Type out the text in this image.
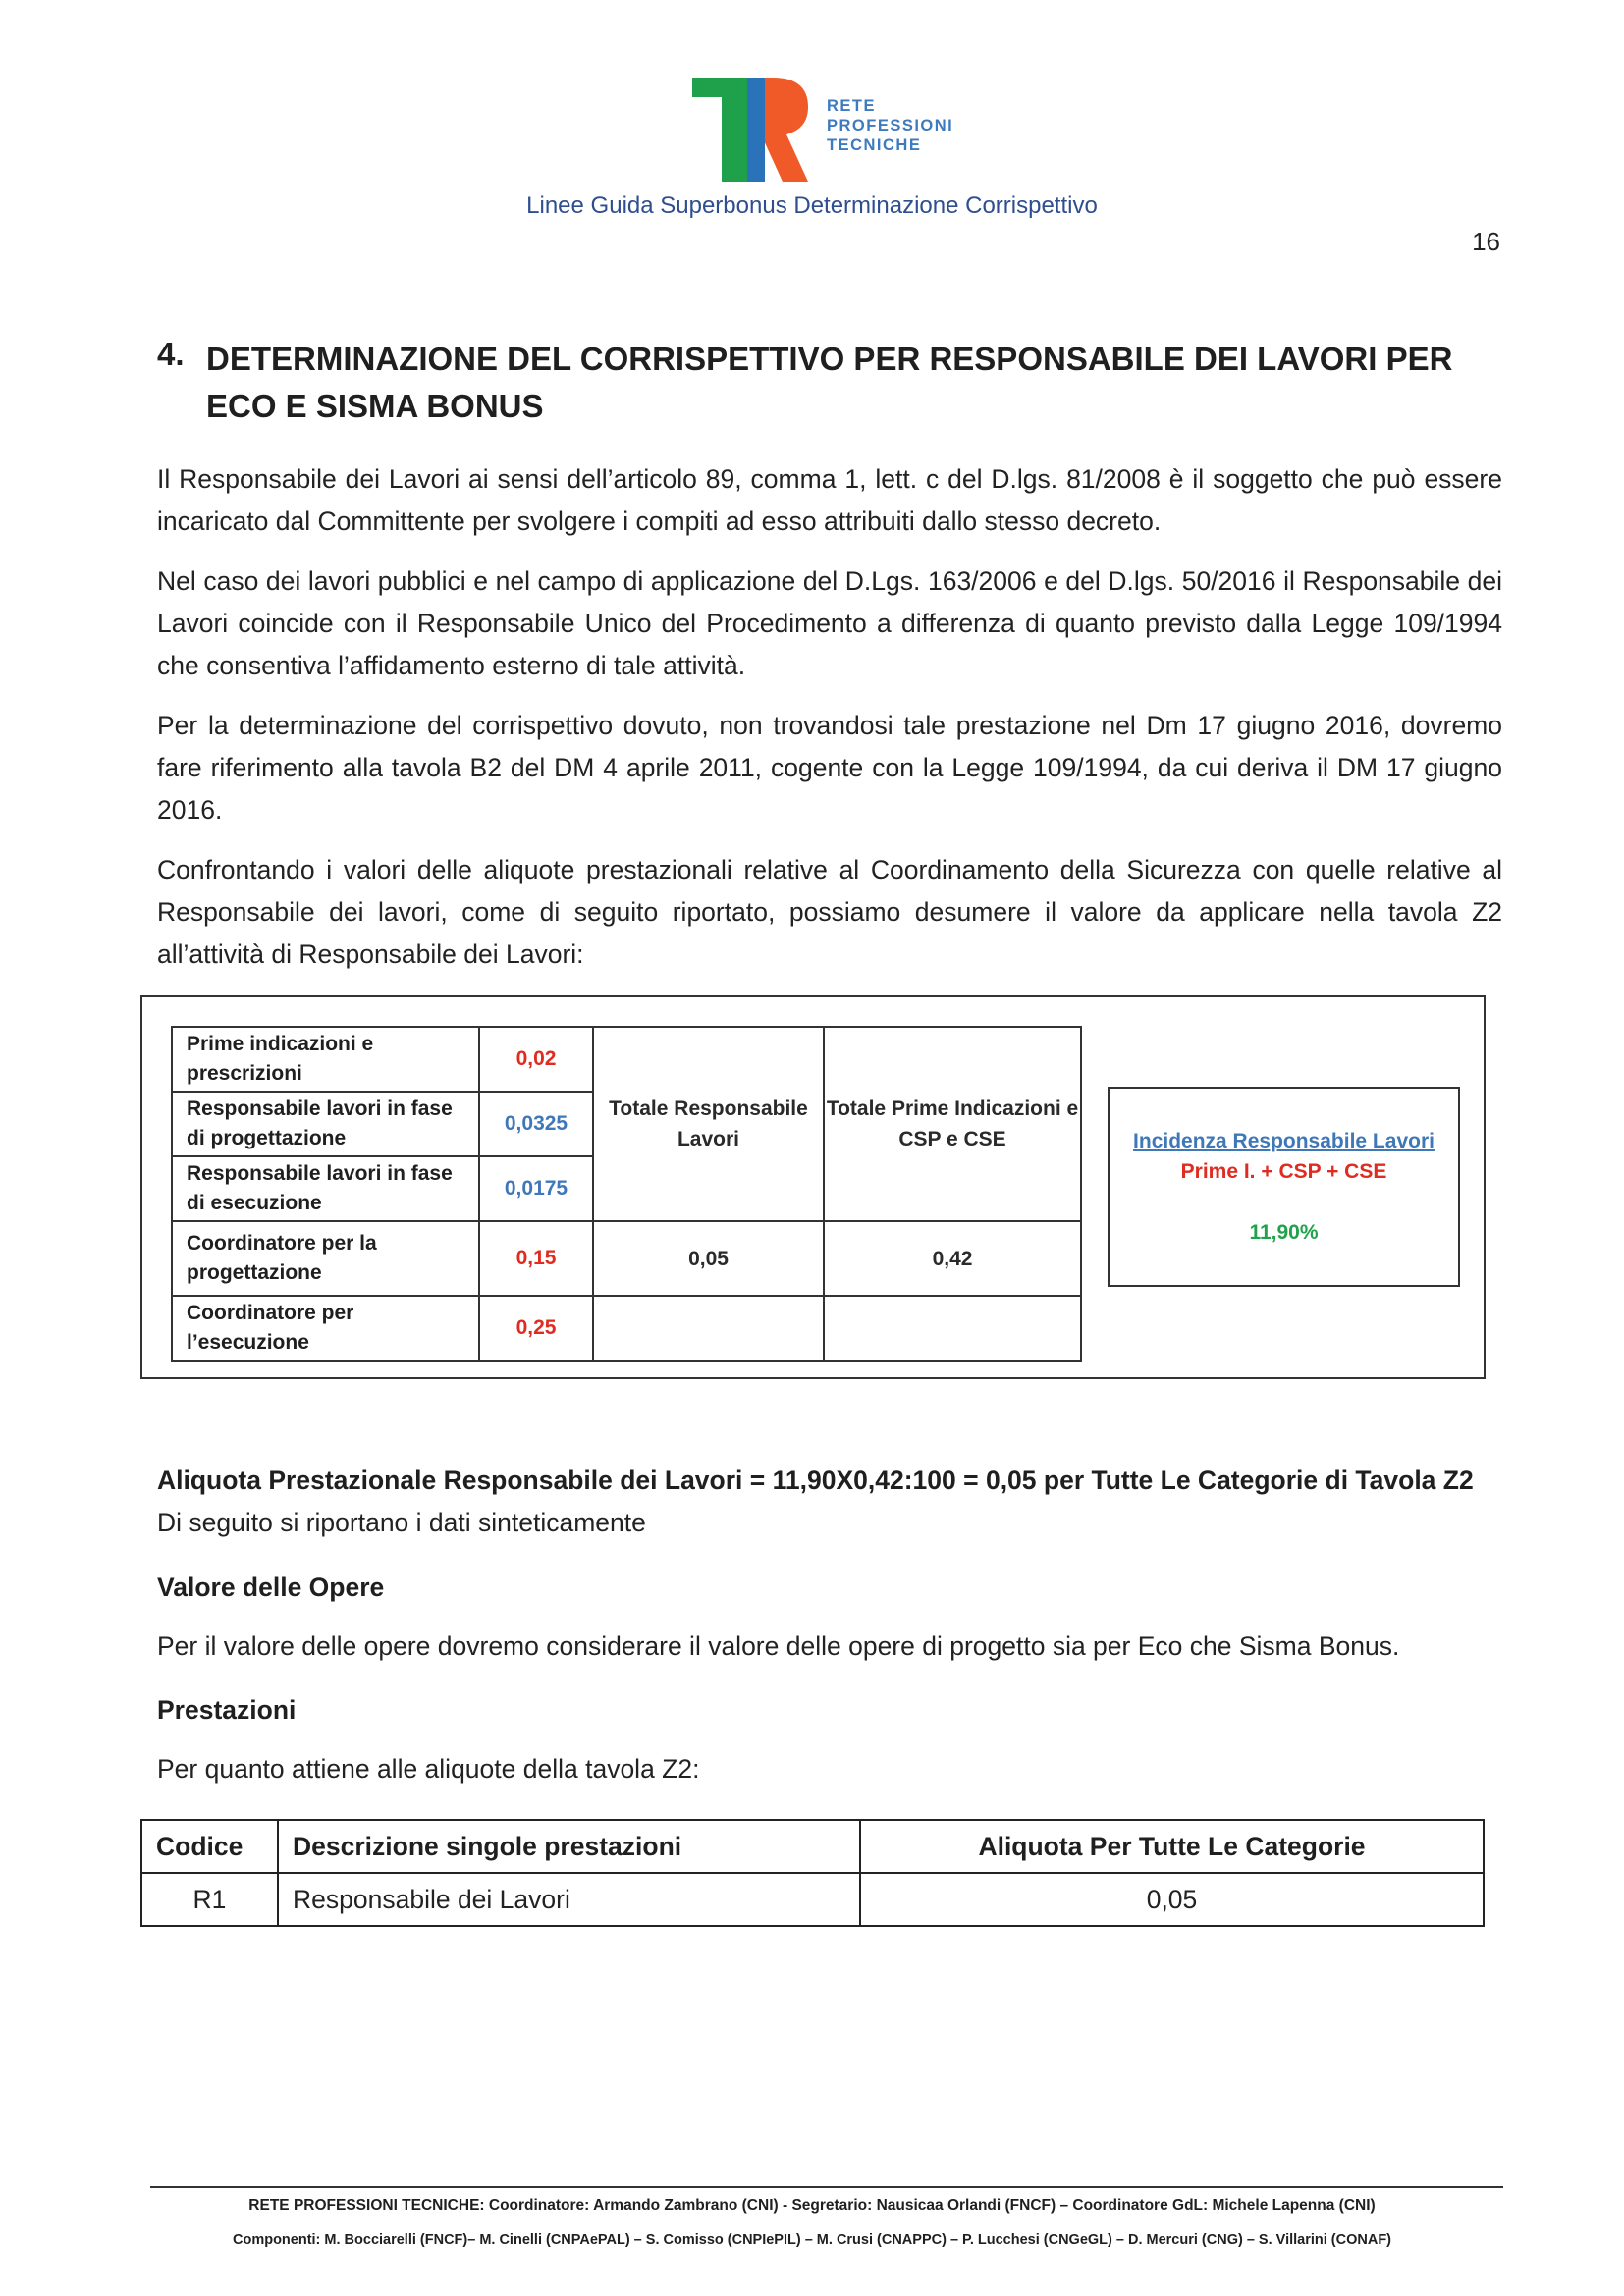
RETE
PROFESSIONI
TECNICHE
Linee Guida Superbonus Determinazione Corrispettivo
16
4. DETERMINAZIONE DEL CORRISPETTIVO PER RESPONSABILE DEI LAVORI PER ECO E SISMA BONUS
Il Responsabile dei Lavori ai sensi dell’articolo 89, comma 1, lett. c del D.lgs. 81/2008 è il soggetto che può essere incaricato dal Committente per svolgere i compiti ad esso attribuiti dallo stesso decreto.
Nel caso dei lavori pubblici e nel campo di applicazione del D.Lgs. 163/2006 e del D.lgs. 50/2016 il Responsabile dei Lavori coincide con il Responsabile Unico del Procedimento a differenza di quanto previsto dalla Legge 109/1994 che consentiva l’affidamento esterno di tale attività.
Per la determinazione del corrispettivo dovuto, non trovandosi tale prestazione nel Dm 17 giugno 2016, dovremo fare riferimento alla tavola B2 del DM 4 aprile 2011, cogente con la Legge 109/1994, da cui deriva il DM 17 giugno 2016.
Confrontando i valori delle aliquote prestazionali relative al Coordinamento della Sicurezza con quelle relative al Responsabile dei lavori, come di seguito riportato, possiamo desumere il valore da applicare nella tavola Z2 all’attività di Responsabile dei Lavori:
Prime indicazioni e prescrizioni	0,02	Totale Responsabile Lavori	Totale Prime Indicazioni e CSP e CSE
Responsabile lavori in fase di progettazione	0,0325		
Responsabile lavori in fase di esecuzione	0,0175		
Coordinatore per la progettazione	0,15	0,05	0,42
Coordinatore per l’esecuzione	0,25		
Incidenza Responsabile Lavori
Prime I. + CSP + CSE
11,90%
Aliquota Prestazionale Responsabile dei Lavori = 11,90X0,42:100 = 0,05 per Tutte Le Categorie di Tavola Z2
Di seguito si riportano i dati sinteticamente
Valore delle Opere
Per il valore delle opere dovremo considerare il valore delle opere di progetto sia per Eco che Sisma Bonus.
Prestazioni
Per quanto attiene alle aliquote della tavola Z2:
Codice	Descrizione singole prestazioni	Aliquota Per Tutte Le Categorie
R1	Responsabile dei Lavori	0,05
RETE PROFESSIONI TECNICHE: Coordinatore: Armando Zambrano (CNI) - Segretario: Nausicaa Orlandi (FNCF) – Coordinatore GdL: Michele Lapenna (CNI)
Componenti: M. Bocciarelli (FNCF)– M. Cinelli (CNPAePAL) – S. Comisso (CNPIePIL) – M. Crusi (CNAPPC) – P. Lucchesi (CNGeGL) – D. Mercuri (CNG) – S. Villarini (CONAF)
